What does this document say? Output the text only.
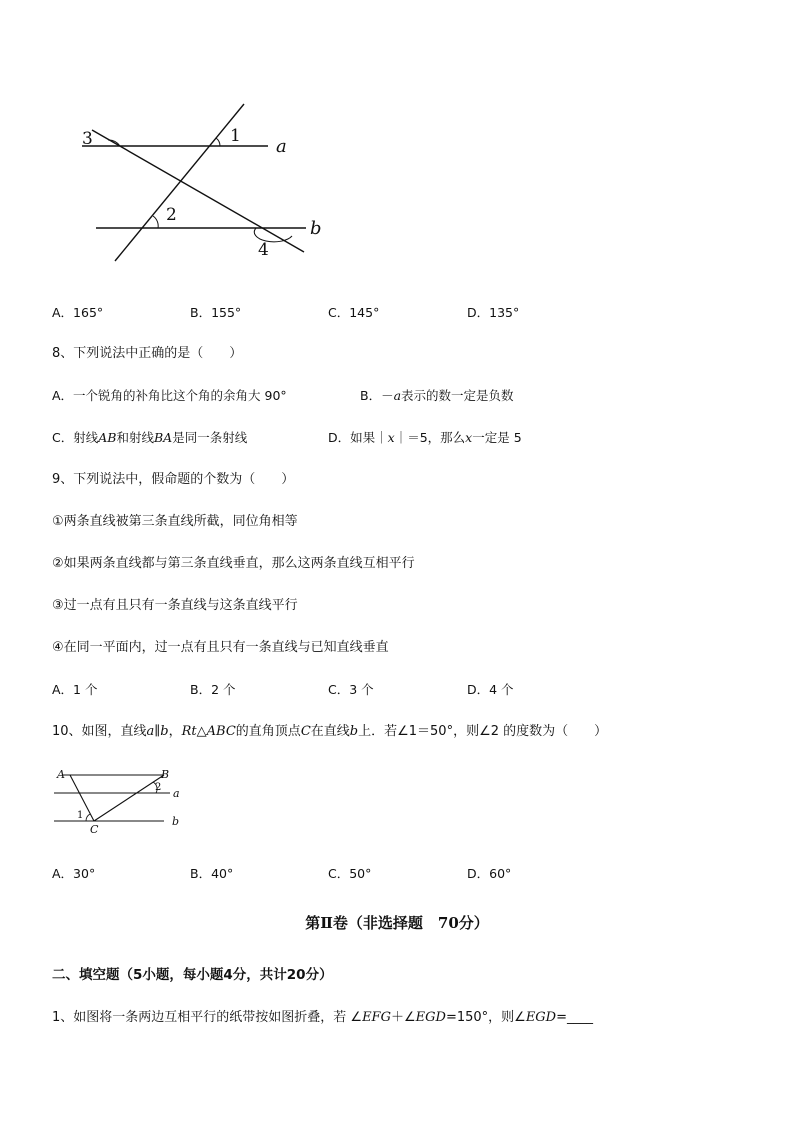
1
2
3
4
a
b
A．165°	B．155°	C．145°	D．135°
8、下列说法中正确的是（　　）
A．一个锐角的补角比这个角的余角大 90°	B．－a表示的数一定是负数
C．射线AB和射线BA是同一条射线	D．如果｜x｜＝5，那么x一定是 5
9、下列说法中，假命题的个数为（　　）
①两条直线被第三条直线所截，同位角相等
②如果两条直线都与第三条直线垂直，那么这两条直线互相平行
③过一点有且只有一条直线与这条直线平行
④在同一平面内，过一点有且只有一条直线与已知直线垂直
A．1 个	B．2 个	C．3 个	D．4 个
10、如图，直线a∥b，Rt△ABC的直角顶点C在直线b上．若∠1＝50°，则∠2 的度数为（　　）
A	B
C
1
2 a
b
A．30°	B．40°	C．50°	D．60°
第Ⅱ卷（非选择题　70分）
二、填空题（5小题，每小题4分，共计20分）
1、如图将一条两边互相平行的纸带按如图折叠，若 ∠EFG＋∠EGD=150°，则∠EGD=____
